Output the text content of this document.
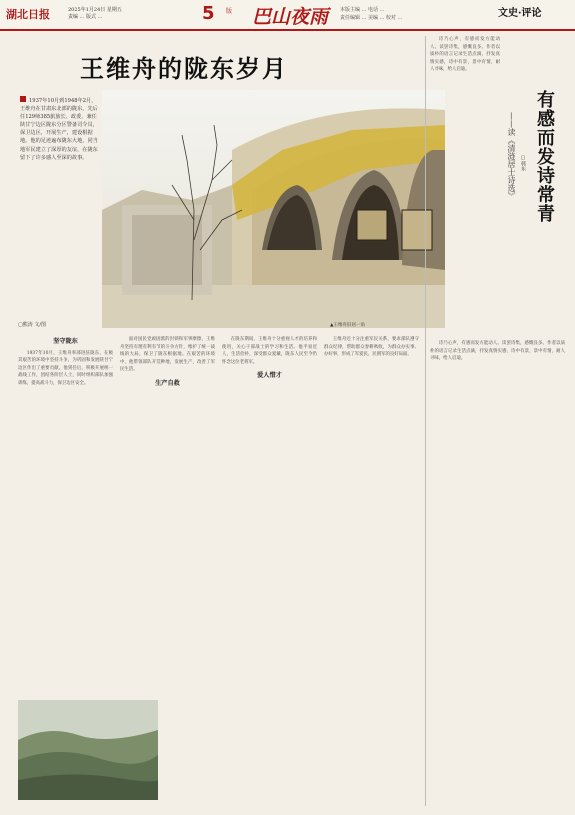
湖北日报	2025年1月24日 星期五
责编 ... 版式 ...	5 版 巴山夜雨 本版主编 ... 电话 ...
责任编辑 ... 美编 ... 校对 ...	文史·评论
王维舟的陇东岁月
1937年10月到1948年2月，王维舟在甘肃东北部的陇东，先后任129师385旅旅长、政委，兼任陕甘宁边区陇东分区警备司令员，保卫边区，开展生产，建设根据地。他的足迹遍布陇东大地，同当地军民建立了深厚的友谊，在陇东留下了许多感人至深的故事。
▢熊涛 文/图	▲王维舟旧居一角
坚守陇东

1937年10月，王维舟率部进驻陇东，在极其艰苦的环境中坚持斗争，为巩固和发展陕甘宁边区作出了重要贡献。他到任后，积极开展统一战线工作，团结各阶层人士，同时组织部队加强训练，提高战斗力，保卫边区安全。

面对国民党顽固派的封锁和军事摩擦，王维舟坚持有理有利有节的斗争方针，维护了统一战线的大局，保卫了陇东根据地。在艰苦的环境中，他带领部队开荒种地，发展生产，改善了军民生活。

生产自救

在陇东期间，王维舟十分重视人才的培养和使用，关心干部战士的学习和生活。他平易近人，生活俭朴，深受群众爱戴，陇东人民至今仍怀念这位老将军。

爱人惜才

王维舟还十分注重军民关系，要求部队遵守群众纪律，帮助群众春耕秋收，为群众办实事、办好事，形成了军爱民、民拥军的良好局面。

诗乃心声，有感而发方能动人。读罢诗集，感慨良多。作者以质朴的语言记录生活点滴，抒发真情实感，诗中有景，景中有情，耐人寻味，给人启迪。

有感而发诗常青
——读《清涟居士诗选》 ▢韩东

诗乃心声，有感而发方能动人。读罢诗集，感慨良多。作者以质朴的语言记录生活点滴，抒发真情实感，诗中有景，景中有情，耐人寻味，给人启迪。
